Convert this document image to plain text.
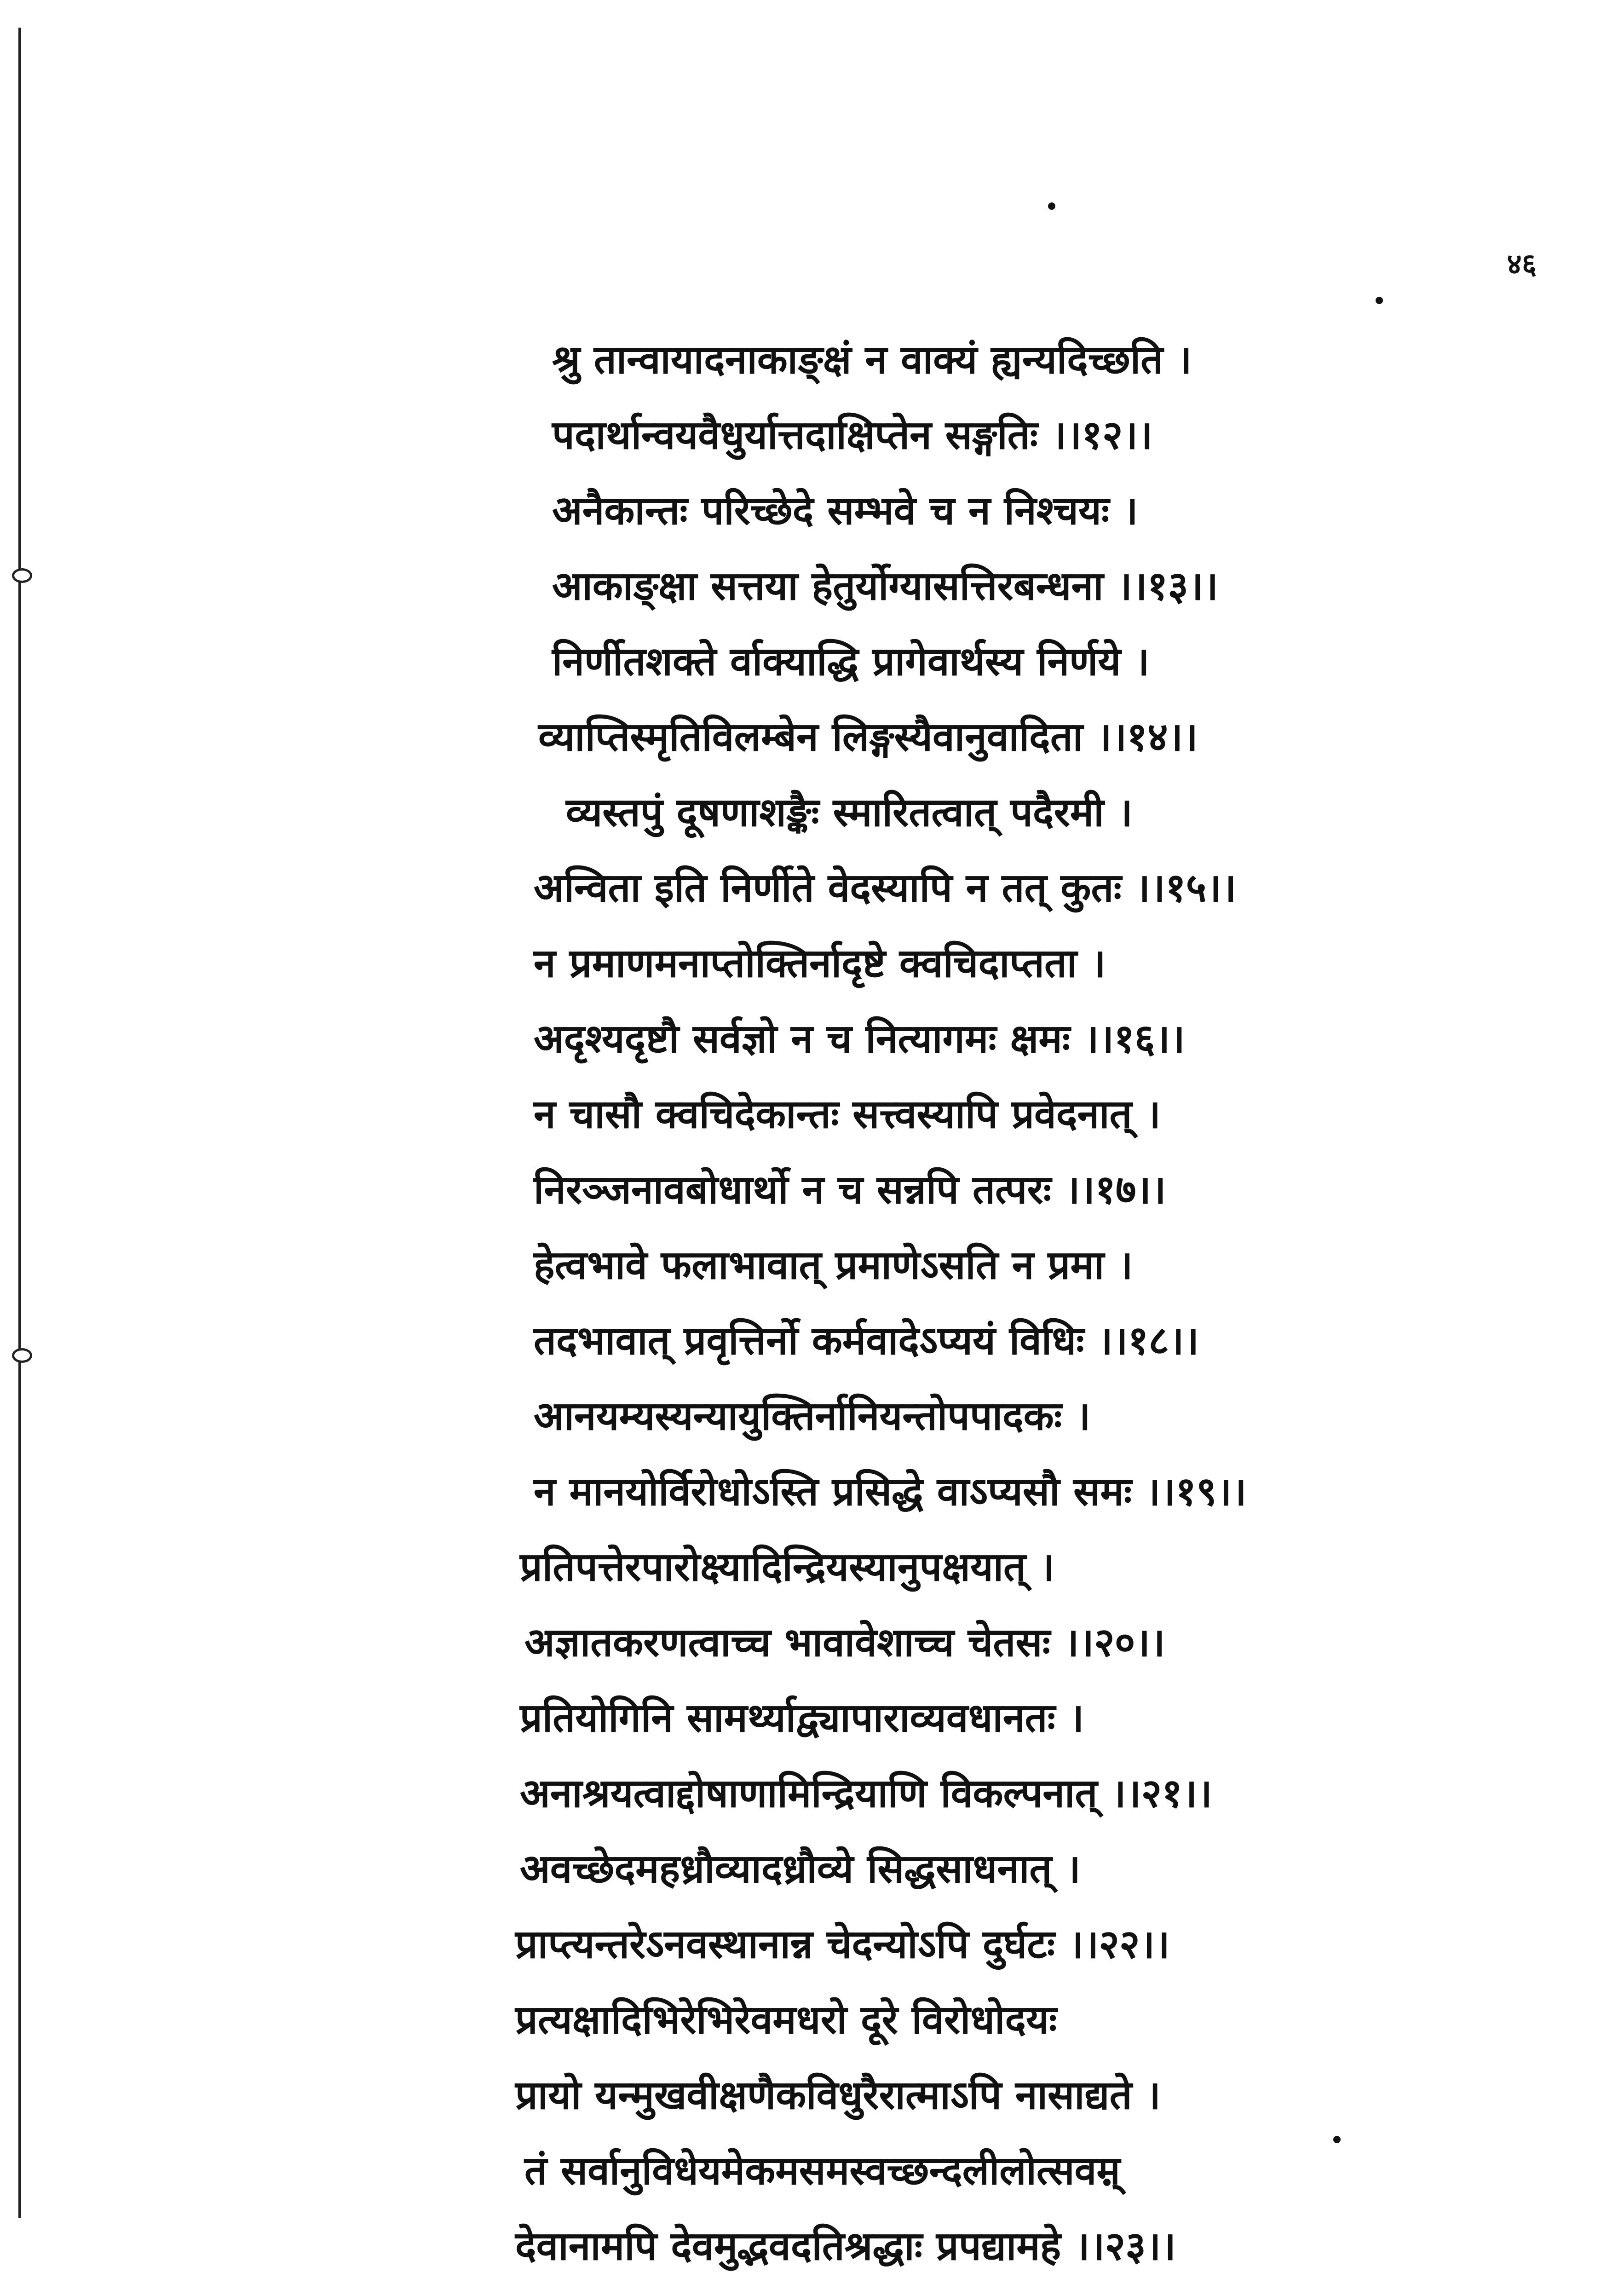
४६
श्रु तान्वायादनाकाङ्क्षं न वाक्यं ह्यन्यदिच्छति ।
पदार्थान्वयवैधुर्यात्तदाक्षिप्तेन सङ्गतिः ।।१२।।
अनैकान्तः परिच्छेदे सम्भवे च न निश्चयः ।
आकाङ्क्षा सत्तया हेतुर्योग्यासत्तिरबन्धना ।।१३।।
निर्णीतशक्ते र्वाक्याद्धि प्रागेवार्थस्य निर्णये ।
व्याप्तिस्मृतिविलम्बेन लिङ्गस्यैवानुवादिता ।।१४।।
व्यस्तपुं दूषणाशङ्कैः स्मारितत्वात् पदैरमी ।
अन्विता इति निर्णीते वेदस्यापि न तत् कुतः ।।१५।।
न प्रमाणमनाप्तोक्तिर्नादृष्टे क्वचिदाप्तता ।
अदृश्यदृष्टौ सर्वज्ञो न च नित्यागमः क्षमः ।।१६।।
न चासौ क्वचिदेकान्तः सत्त्वस्यापि प्रवेदनात् ।
निरञ्जनावबोधार्थो न च सन्नपि तत्परः ।।१७।।
हेत्वभावे फलाभावात् प्रमाणेऽसति न प्रमा ।
तदभावात् प्रवृत्तिर्नो कर्मवादेऽप्ययं विधिः ।।१८।।
आनयम्यस्यन्यायुक्तिर्नानियन्तोपपादकः ।
न मानयोर्विरोधोऽस्ति प्रसिद्धे वाऽप्यसौ समः ।।१९।।
प्रतिपत्तेरपारोक्ष्यादिन्द्रियस्यानुपक्षयात् ।
अज्ञातकरणत्वाच्च भावावेशाच्च चेतसः ।।२०।।
प्रतियोगिनि सामर्थ्याद्व्यापाराव्यवधानतः ।
अनाश्रयत्वाद्दोषाणामिन्द्रियाणि विकल्पनात् ।।२१।।
अवच्छेदमहध्रौव्यादध्रौव्ये सिद्धसाधनात् ।
प्राप्त्यन्तरेऽनवस्थानान्न चेदन्योऽपि दुर्घटः ।।२२।।
प्रत्यक्षादिभिरेभिरेवमधरो दूरे विरोधोदयः
प्रायो यन्मुखवीक्षणैकविधुरैरात्माऽपि नासाद्यते ।
तं सर्वानुविधेयमेकमसमस्वच्छन्दलीलोत्सवम्
देवानामपि देवमुद्भवदतिश्रद्धाः प्रपद्यामहे ।।२३।।
